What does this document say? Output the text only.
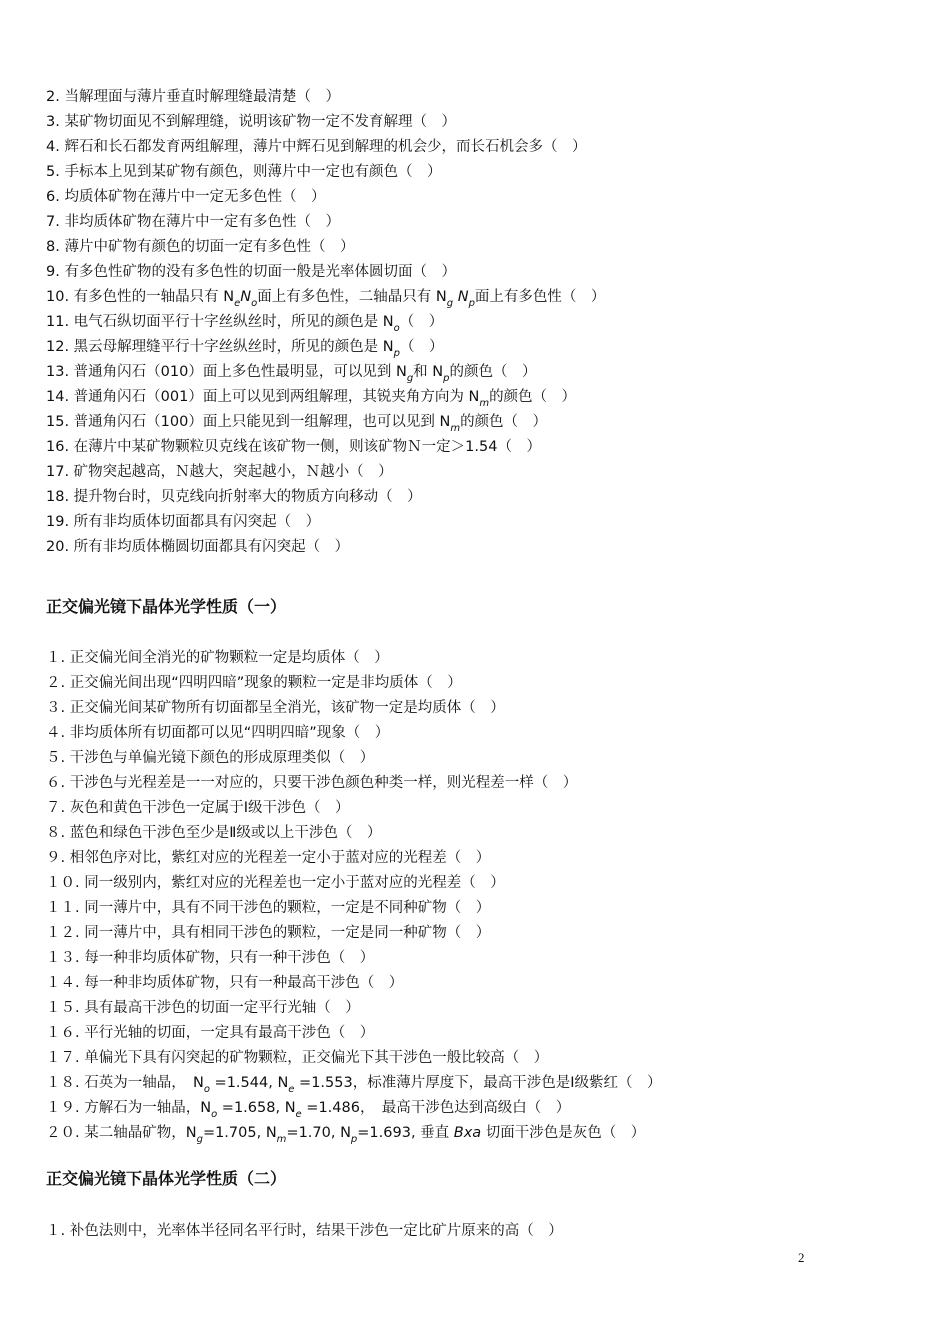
2. 当解理面与薄片垂直时解理缝最清楚（　）
3. 某矿物切面见不到解理缝，说明该矿物一定不发育解理（　）
4. 辉石和长石都发育两组解理，薄片中辉石见到解理的机会少，而长石机会多（　）
5. 手标本上见到某矿物有颜色，则薄片中一定也有颜色（　）
6. 均质体矿物在薄片中一定无多色性（　）
7. 非均质体矿物在薄片中一定有多色性（　）
8. 薄片中矿物有颜色的切面一定有多色性（　）
9. 有多色性矿物的没有多色性的切面一般是光率体圆切面（　）
10. 有多色性的一轴晶只有 $N_eN_o$面上有多色性，二轴晶只有 $N_g$ $N_p$面上有多色性（　）
11. 电气石纵切面平行十字丝纵丝时，所见的颜色是 $N_o$（　）
12. 黑云母解理缝平行十字丝纵丝时，所见的颜色是 $N_p$（　）
13. 普通角闪石（010）面上多色性最明显，可以见到 $N_g$和 $N_p$的颜色（　）
14. 普通角闪石（001）面上可以见到两组解理，其锐夹角方向为 $N_m$的颜色（　）
15. 普通角闪石（100）面上只能见到一组解理，也可以见到 $N_m$的颜色（　）
16. 在薄片中某矿物颗粒贝克线在该矿物一侧，则该矿物Ｎ一定＞1.54（　）
17. 矿物突起越高，Ｎ越大，突起越小，Ｎ越小（　）
18. 提升物台时，贝克线向折射率大的物质方向移动（　）
19. 所有非均质体切面都具有闪突起（　）
20. 所有非均质体椭圆切面都具有闪突起（　）
正交偏光镜下晶体光学性质（一）
１. 正交偏光间全消光的矿物颗粒一定是均质体（　）
２. 正交偏光间出现“四明四暗”现象的颗粒一定是非均质体（　）
３. 正交偏光间某矿物所有切面都呈全消光，该矿物一定是均质体（　）
４. 非均质体所有切面都可以见“四明四暗”现象（　）
５. 干涉色与单偏光镜下颜色的形成原理类似（　）
６. 干涉色与光程差是一一对应的，只要干涉色颜色种类一样，则光程差一样（　）
７. 灰色和黄色干涉色一定属于Ⅰ级干涉色（　）
８. 蓝色和绿色干涉色至少是Ⅱ级或以上干涉色（　）
９. 相邻色序对比，紫红对应的光程差一定小于蓝对应的光程差（　）
１０. 同一级别内，紫红对应的光程差也一定小于蓝对应的光程差（　）
１１. 同一薄片中，具有不同干涉色的颗粒，一定是不同种矿物（　）
１２. 同一薄片中，具有相同干涉色的颗粒，一定是同一种矿物（　）
１３. 每一种非均质体矿物，只有一种干涉色（　）
１４. 每一种非均质体矿物，只有一种最高干涉色（　）
１５. 具有最高干涉色的切面一定平行光轴（　）
１６. 平行光轴的切面，一定具有最高干涉色（　）
１７. 单偏光下具有闪突起的矿物颗粒，正交偏光下其干涉色一般比较高（　）
１８. 石英为一轴晶，　$N_o =1.544$, $N_e =1.553$，标准薄片厚度下，最高干涉色是Ⅰ级紫红（　）
１９. 方解石为一轴晶，$N_o =1.658$, $N_e =1.486$，　最高干涉色达到高级白（　）
２０. 某二轴晶矿物，$N_g=1.705$, $N_m=1.70$, $N_p=1.693$, 垂直 Bxa 切面干涉色是灰色（　）
正交偏光镜下晶体光学性质（二）
１. 补色法则中，光率体半径同名平行时，结果干涉色一定比矿片原来的高（　）
2
